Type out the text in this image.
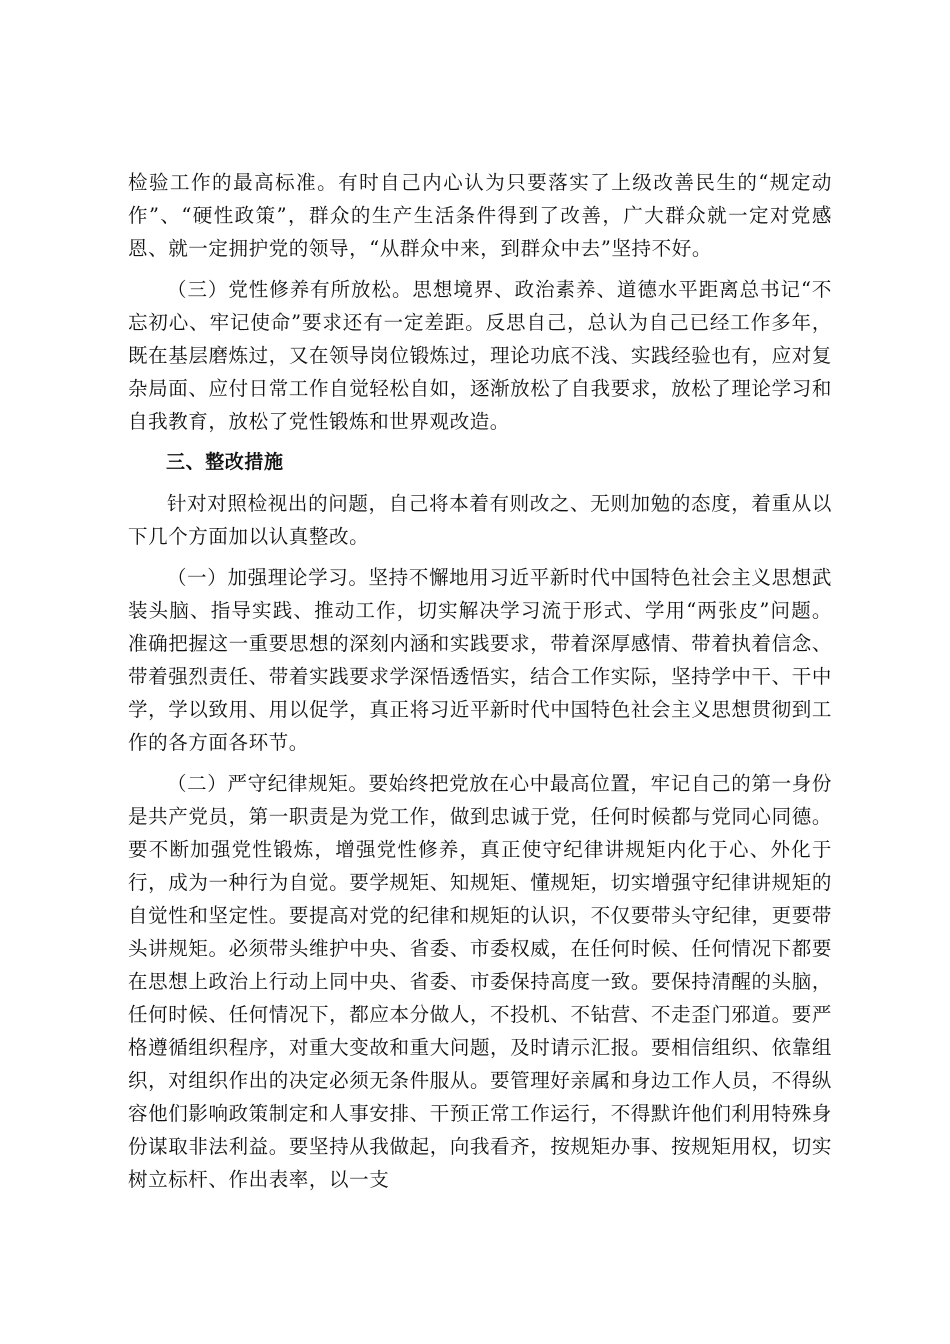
检验工作的最高标准。有时自己内心认为只要落实了上级改善民生的“规定动作”、“硬性政策”，群众的生产生活条件得到了改善，广大群众就一定对党感恩、就一定拥护党的领导，“从群众中来，到群众中去”坚持不好。

（三）党性修养有所放松。思想境界、政治素养、道德水平距离总书记“不忘初心、牢记使命”要求还有一定差距。反思自己，总认为自己已经工作多年，既在基层磨炼过，又在领导岗位锻炼过，理论功底不浅、实践经验也有，应对复杂局面、应付日常工作自觉轻松自如，逐渐放松了自我要求，放松了理论学习和自我教育，放松了党性锻炼和世界观改造。

三、整改措施

针对对照检视出的问题，自己将本着有则改之、无则加勉的态度，着重从以下几个方面加以认真整改。

（一）加强理论学习。坚持不懈地用习近平新时代中国特色社会主义思想武装头脑、指导实践、推动工作，切实解决学习流于形式、学用“两张皮”问题。准确把握这一重要思想的深刻内涵和实践要求，带着深厚感情、带着执着信念、带着强烈责任、带着实践要求学深悟透悟实，结合工作实际，坚持学中干、干中学，学以致用、用以促学，真正将习近平新时代中国特色社会主义思想贯彻到工作的各方面各环节。

（二）严守纪律规矩。要始终把党放在心中最高位置，牢记自己的第一身份是共产党员，第一职责是为党工作，做到忠诚于党，任何时候都与党同心同德。要不断加强党性锻炼，增强党性修养，真正使守纪律讲规矩内化于心、外化于行，成为一种行为自觉。要学规矩、知规矩、懂规矩，切实增强守纪律讲规矩的自觉性和坚定性。要提高对党的纪律和规矩的认识，不仅要带头守纪律，更要带头讲规矩。必须带头维护中央、省委、市委权威，在任何时候、任何情况下都要在思想上政治上行动上同中央、省委、市委保持高度一致。要保持清醒的头脑，任何时候、任何情况下，都应本分做人，不投机、不钻营、不走歪门邪道。要严格遵循组织程序，对重大变故和重大问题，及时请示汇报。要相信组织、依靠组织，对组织作出的决定必须无条件服从。要管理好亲属和身边工作人员，不得纵容他们影响政策制定和人事安排、干预正常工作运行，不得默许他们利用特殊身份谋取非法利益。要坚持从我做起，向我看齐，按规矩办事、按规矩用权，切实树立标杆、作出表率，以一支
